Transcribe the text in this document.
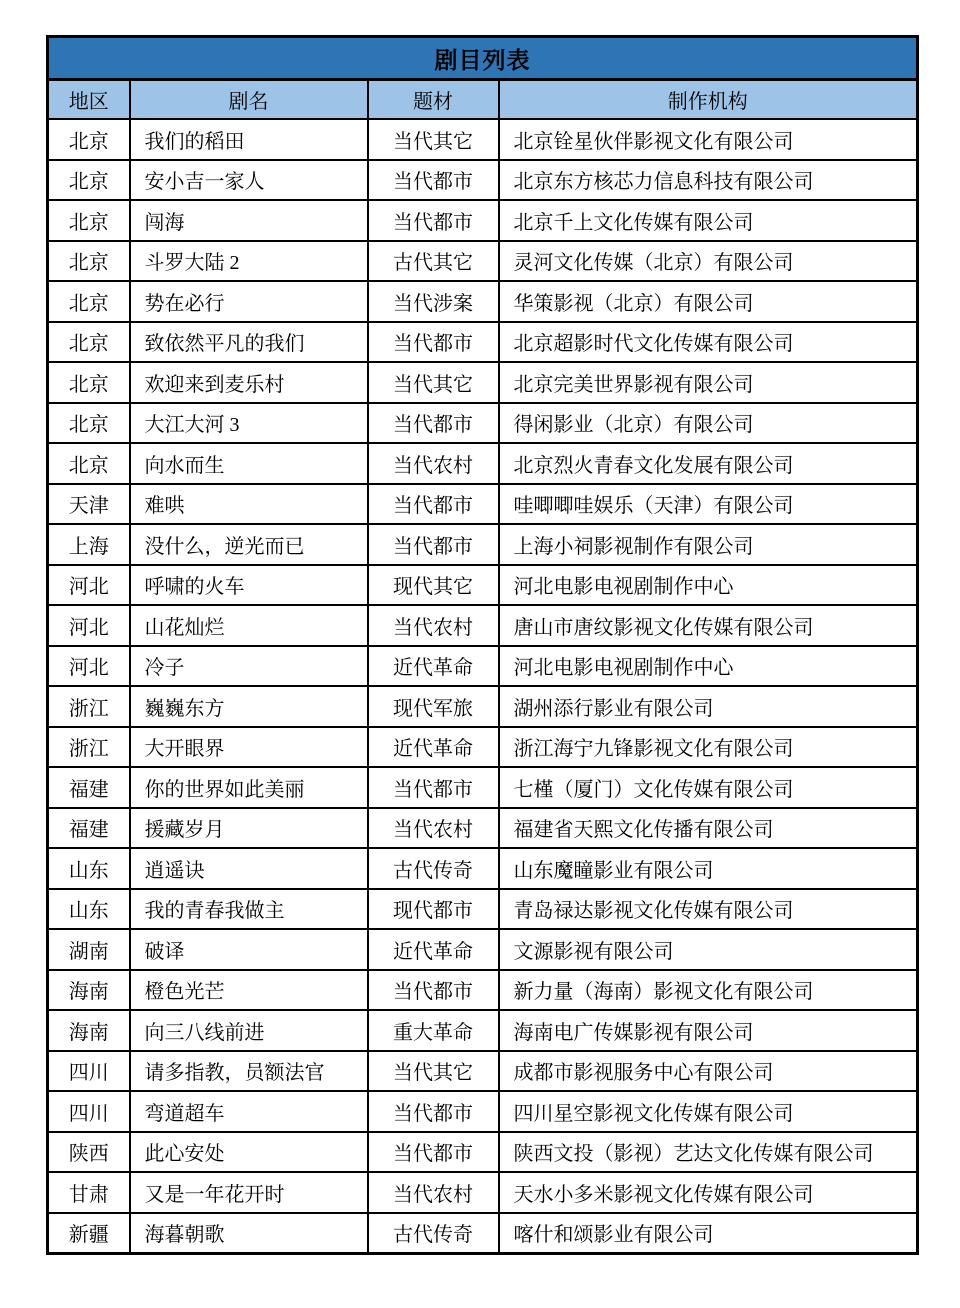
剧目列表			
地区	剧名	题材	制作机构
北京	我们的稻田	当代其它	北京铨星伙伴影视文化有限公司
北京	安小吉一家人	当代都市	北京东方核芯力信息科技有限公司
北京	闯海	当代都市	北京千上文化传媒有限公司
北京	斗罗大陆 2	古代其它	灵河文化传媒（北京）有限公司
北京	势在必行	当代涉案	华策影视（北京）有限公司
北京	致依然平凡的我们	当代都市	北京超影时代文化传媒有限公司
北京	欢迎来到麦乐村	当代其它	北京完美世界影视有限公司
北京	大江大河 3	当代都市	得闲影业（北京）有限公司
北京	向水而生	当代农村	北京烈火青春文化发展有限公司
天津	难哄	当代都市	哇唧唧哇娱乐（天津）有限公司
上海	没什么，逆光而已	当代都市	上海小祠影视制作有限公司
河北	呼啸的火车	现代其它	河北电影电视剧制作中心
河北	山花灿烂	当代农村	唐山市唐纹影视文化传媒有限公司
河北	冷子	近代革命	河北电影电视剧制作中心
浙江	巍巍东方	现代军旅	湖州添行影业有限公司
浙江	大开眼界	近代革命	浙江海宁九锋影视文化有限公司
福建	你的世界如此美丽	当代都市	七槿（厦门）文化传媒有限公司
福建	援藏岁月	当代农村	福建省天熙文化传播有限公司
山东	逍遥诀	古代传奇	山东魔瞳影业有限公司
山东	我的青春我做主	现代都市	青岛禄达影视文化传媒有限公司
湖南	破译	近代革命	文源影视有限公司
海南	橙色光芒	当代都市	新力量（海南）影视文化有限公司
海南	向三八线前进	重大革命	海南电广传媒影视有限公司
四川	请多指教，员额法官	当代其它	成都市影视服务中心有限公司
四川	弯道超车	当代都市	四川星空影视文化传媒有限公司
陕西	此心安处	当代都市	陕西文投（影视）艺达文化传媒有限公司
甘肃	又是一年花开时	当代农村	天水小多米影视文化传媒有限公司
新疆	海暮朝歌	古代传奇	喀什和颂影业有限公司
